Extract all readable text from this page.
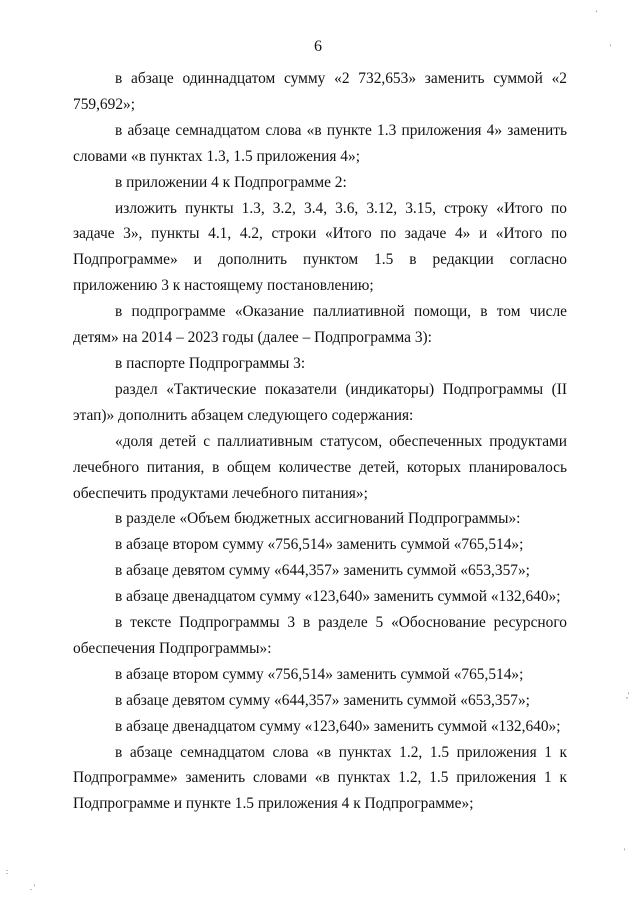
6

в абзаце одиннадцатом сумму «2 732,653» заменить суммой «2 759,692»;

в абзаце семнадцатом слова «в пункте 1.3 приложения 4» заменить словами «в пунктах 1.3, 1.5 приложения 4»;

в приложении 4 к Подпрограмме 2:

изложить пункты 1.3, 3.2, 3.4, 3.6, 3.12, 3.15, строку «Итого по задаче 3», пункты 4.1, 4.2, строки «Итого по задаче 4» и «Итого по Подпрограмме» и дополнить пунктом 1.5 в редакции согласно приложению 3 к настоящему постановлению;

в подпрограмме «Оказание паллиативной помощи, в том числе детям» на 2014 – 2023 годы (далее – Подпрограмма 3):

в паспорте Подпрограммы 3:

раздел «Тактические показатели (индикаторы) Подпрограммы (II этап)» дополнить абзацем следующего содержания:

«доля детей с паллиативным статусом, обеспеченных продуктами лечебного питания, в общем количестве детей, которых планировалось обеспечить продуктами лечебного питания»;

в разделе «Объем бюджетных ассигнований Подпрограммы»:

в абзаце втором сумму «756,514» заменить суммой «765,514»;

в абзаце девятом сумму «644,357» заменить суммой «653,357»;

в абзаце двенадцатом сумму «123,640» заменить суммой «132,640»;

в тексте Подпрограммы 3 в разделе 5 «Обоснование ресурсного обеспечения Подпрограммы»:

в абзаце втором сумму «756,514» заменить суммой «765,514»;

в абзаце девятом сумму «644,357» заменить суммой «653,357»;

в абзаце двенадцатом сумму «123,640» заменить суммой «132,640»;

в абзаце семнадцатом слова «в пунктах 1.2, 1.5 приложения 1 к Подпрограмме» заменить словами «в пунктах 1.2, 1.5 приложения 1 к Подпрограмме и пункте 1.5 приложения 4 к Подпрограмме»;

'
'
,'
'
:
. '
